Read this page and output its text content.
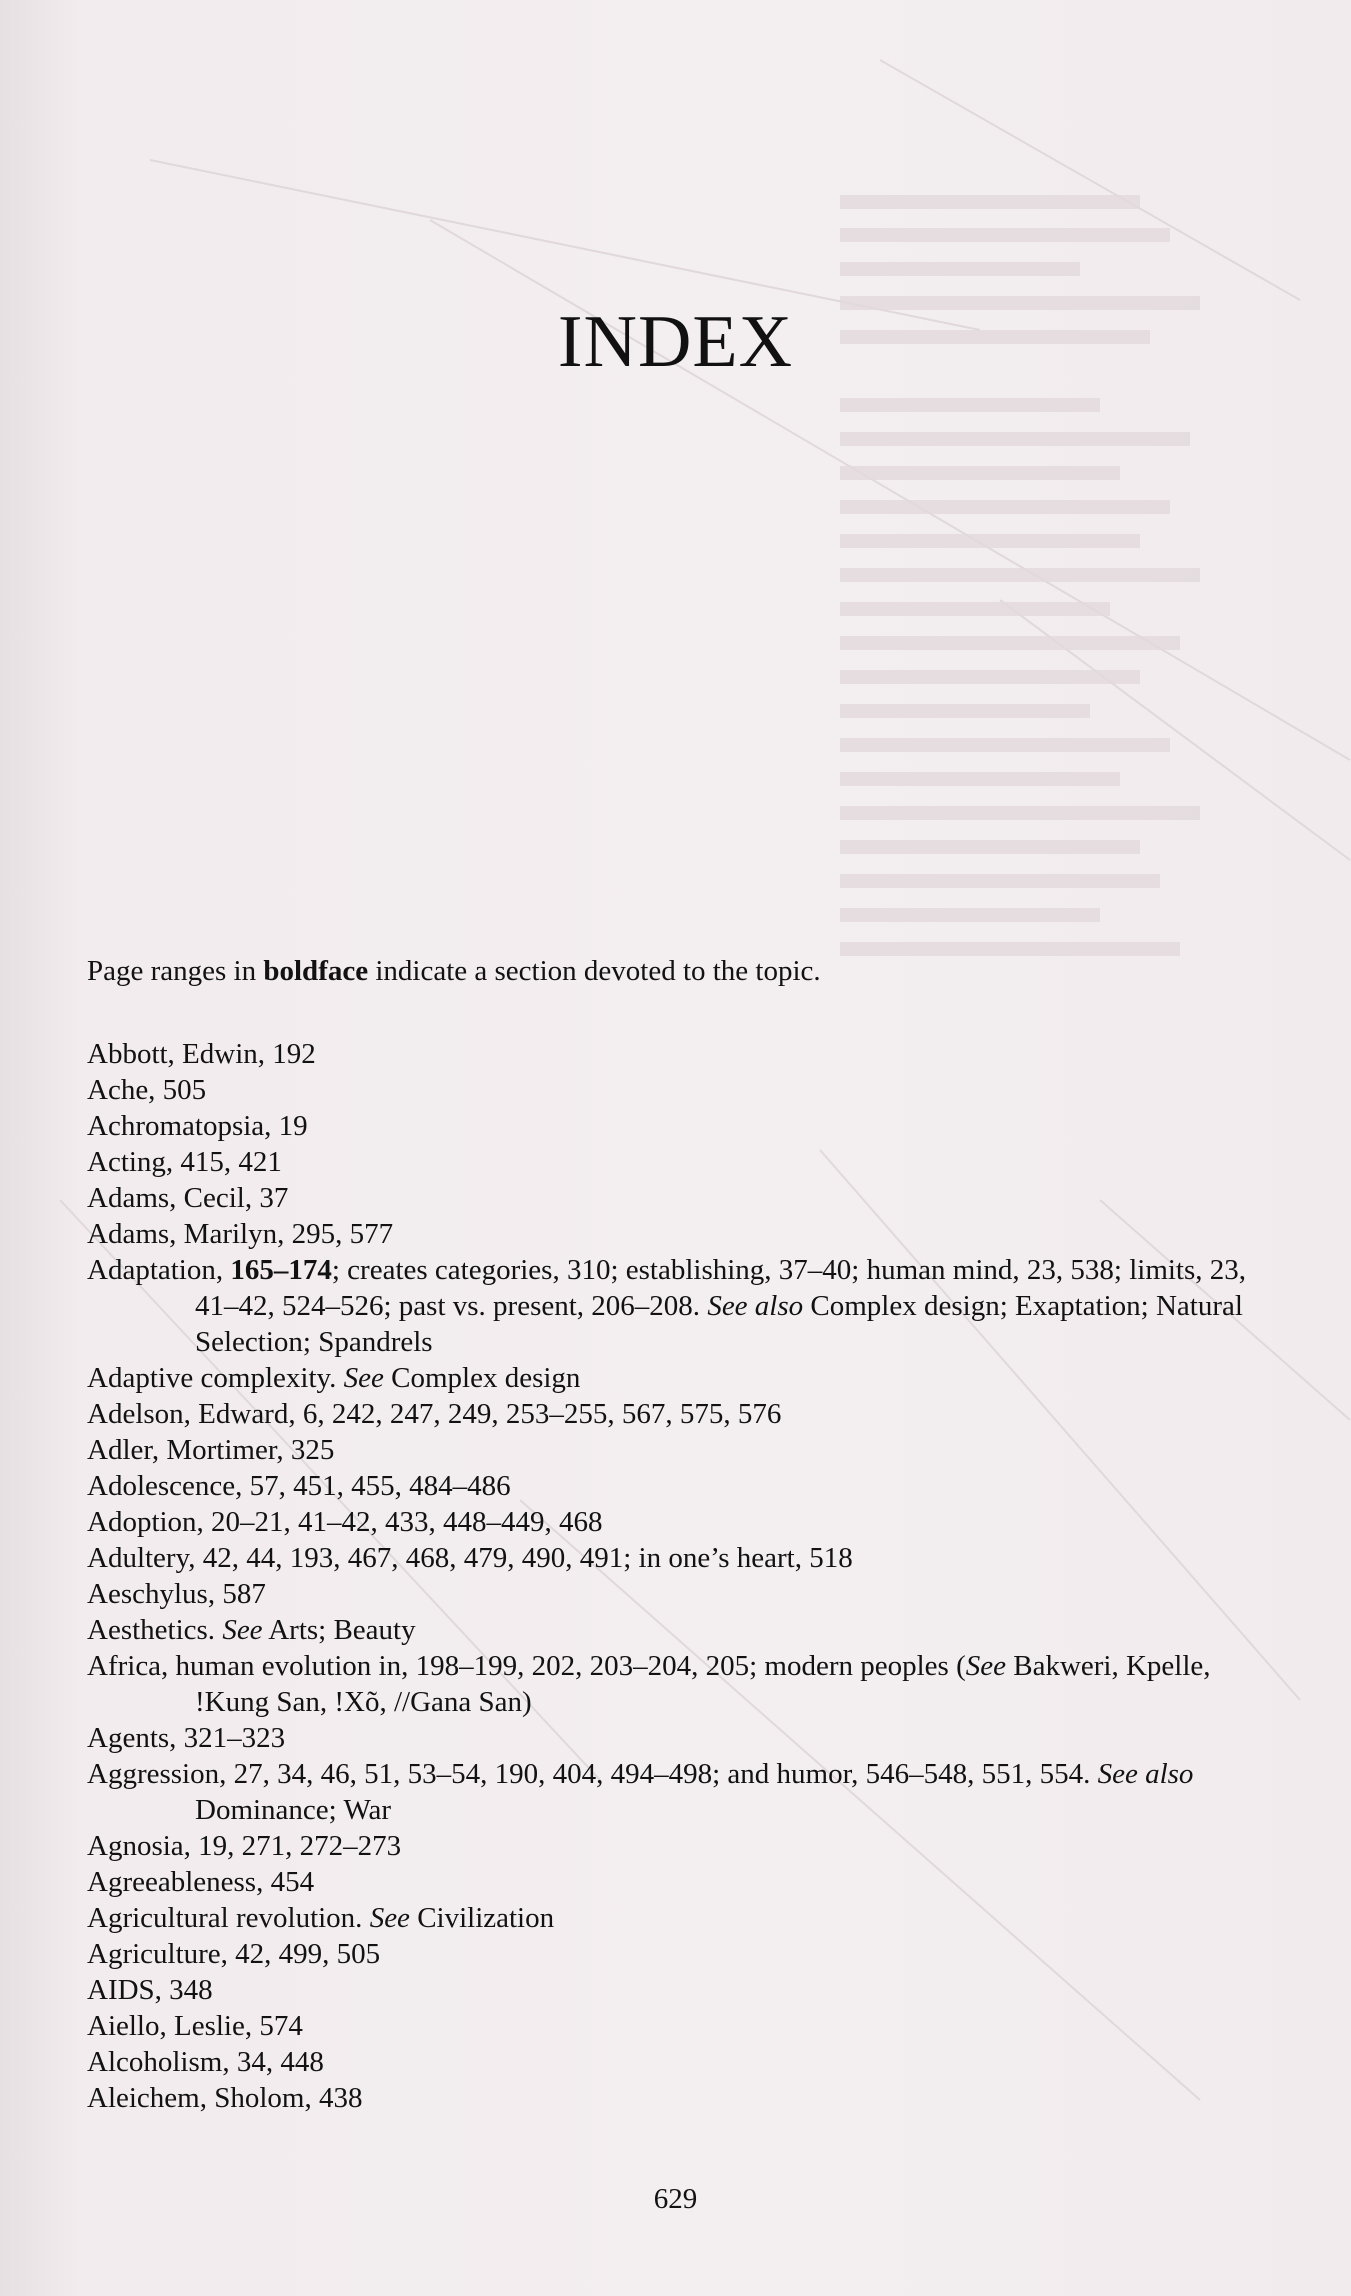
INDEX
Page ranges in boldface indicate a section devoted to the topic.
Abbott, Edwin, 192
Ache, 505
Achromatopsia, 19
Acting, 415, 421
Adams, Cecil, 37
Adams, Marilyn, 295, 577
Adaptation, 165–174; creates categories, 310; establishing, 37–40; human mind, 23, 538; limits, 23, 41–42, 524–526; past vs. present, 206–208. See also Complex design; Exaptation; Natural Selection; Spandrels
Adaptive complexity. See Complex design
Adelson, Edward, 6, 242, 247, 249, 253–255, 567, 575, 576
Adler, Mortimer, 325
Adolescence, 57, 451, 455, 484–486
Adoption, 20–21, 41–42, 433, 448–449, 468
Adultery, 42, 44, 193, 467, 468, 479, 490, 491; in one’s heart, 518
Aeschylus, 587
Aesthetics. See Arts; Beauty
Africa, human evolution in, 198–199, 202, 203–204, 205; modern peoples (See Bakweri, Kpelle, !Kung San, !Xõ, //Gana San)
Agents, 321–323
Aggression, 27, 34, 46, 51, 53–54, 190, 404, 494–498; and humor, 546–548, 551, 554. See also Dominance; War
Agnosia, 19, 271, 272–273
Agreeableness, 454
Agricultural revolution. See Civilization
Agriculture, 42, 499, 505
AIDS, 348
Aiello, Leslie, 574
Alcoholism, 34, 448
Aleichem, Sholom, 438
629
